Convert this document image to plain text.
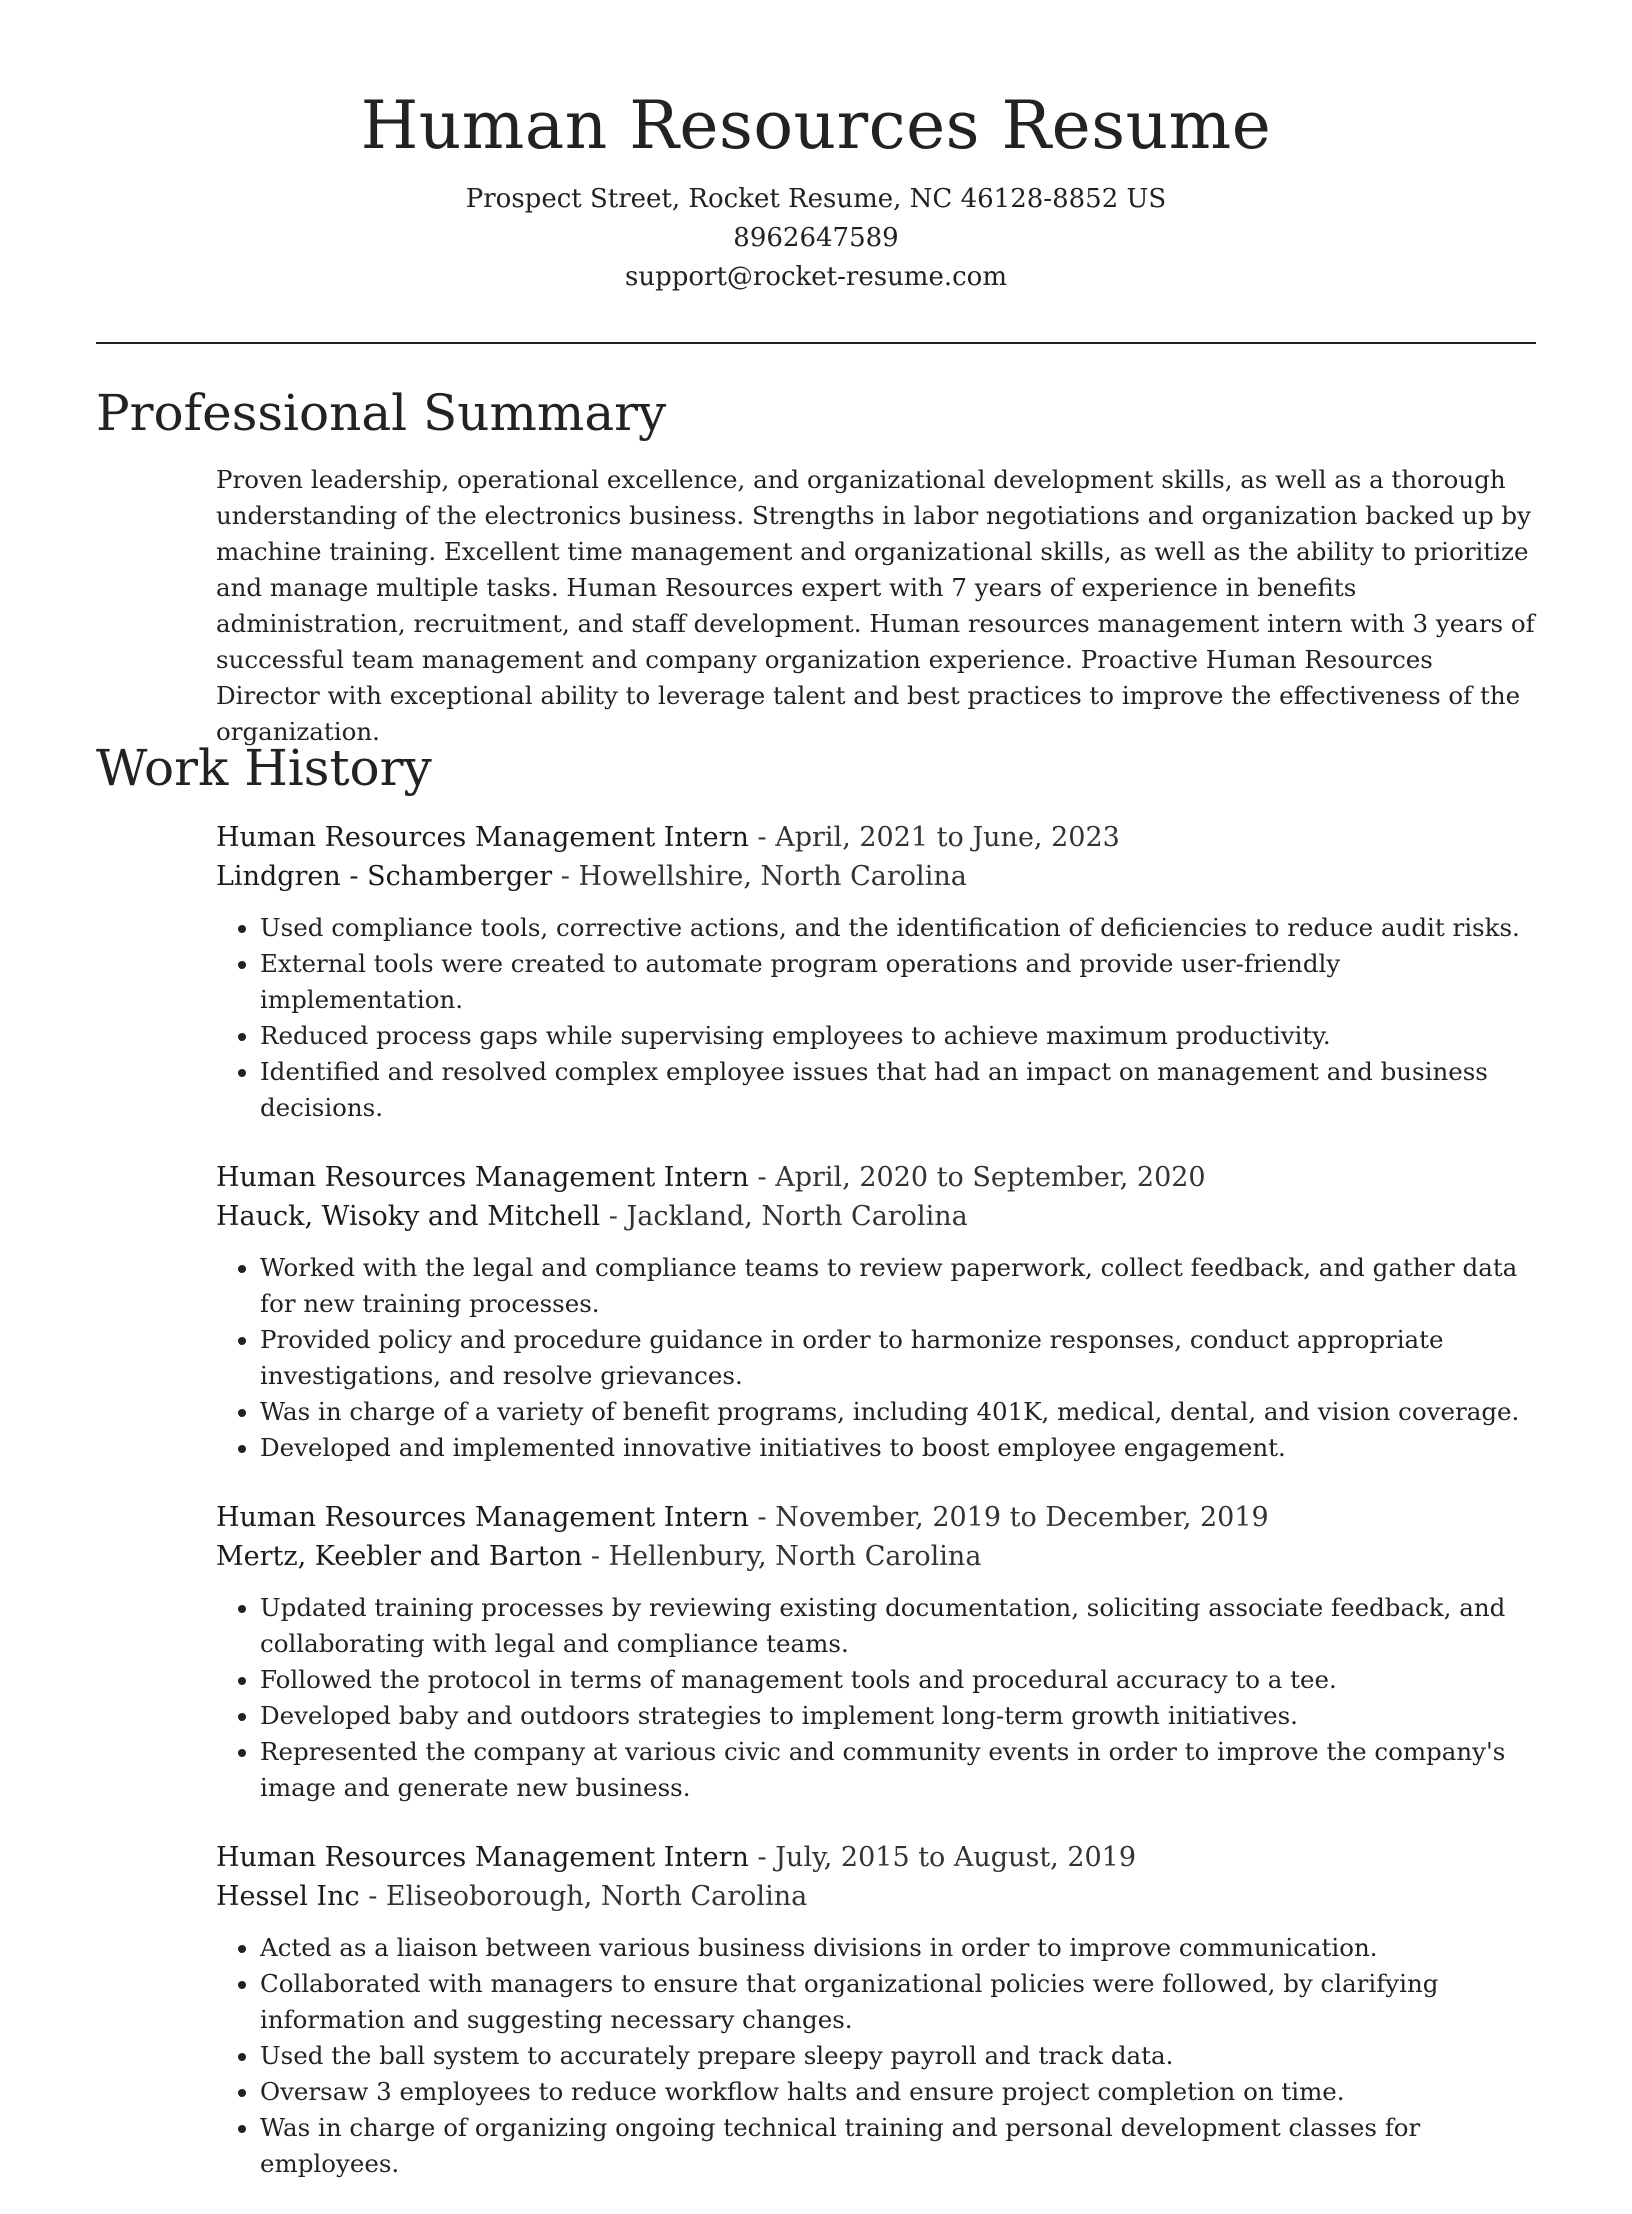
Human Resources Resume
Prospect Street, Rocket Resume, NC 46128-8852 US
8962647589
support@rocket-resume.com
Professional Summary

Proven leadership, operational excellence, and organizational development skills, as well as a thorough understanding of the electronics business. Strengths in labor negotiations and organization backed up by machine training. Excellent time management and organizational skills, as well as the ability to prioritize and manage multiple tasks. Human Resources expert with 7 years of experience in benefits administration, recruitment, and staff development. Human resources management intern with 3 years of successful team management and company organization experience. Proactive Human Resources Director with exceptional ability to leverage talent and best practices to improve the effectiveness of the organization.

Work History
Human Resources Management Intern - April, 2021 to June, 2023
Lindgren - Schamberger - Howellshire, North Carolina
• Used compliance tools, corrective actions, and the identification of deficiencies to reduce audit risks.
• External tools were created to automate program operations and provide user-friendly implementation.
• Reduced process gaps while supervising employees to achieve maximum productivity.
• Identified and resolved complex employee issues that had an impact on management and business decisions.
Human Resources Management Intern - April, 2020 to September, 2020
Hauck, Wisoky and Mitchell - Jackland, North Carolina
• Worked with the legal and compliance teams to review paperwork, collect feedback, and gather data for new training processes.
• Provided policy and procedure guidance in order to harmonize responses, conduct appropriate investigations, and resolve grievances.
• Was in charge of a variety of benefit programs, including 401K, medical, dental, and vision coverage.
• Developed and implemented innovative initiatives to boost employee engagement.
Human Resources Management Intern - November, 2019 to December, 2019
Mertz, Keebler and Barton - Hellenbury, North Carolina
• Updated training processes by reviewing existing documentation, soliciting associate feedback, and collaborating with legal and compliance teams.
• Followed the protocol in terms of management tools and procedural accuracy to a tee.
• Developed baby and outdoors strategies to implement long-term growth initiatives.
• Represented the company at various civic and community events in order to improve the company's image and generate new business.
Human Resources Management Intern - July, 2015 to August, 2019
Hessel Inc - Eliseoborough, North Carolina
• Acted as a liaison between various business divisions in order to improve communication.
• Collaborated with managers to ensure that organizational policies were followed, by clarifying information and suggesting necessary changes.
• Used the ball system to accurately prepare sleepy payroll and track data.
• Oversaw 3 employees to reduce workflow halts and ensure project completion on time.
• Was in charge of organizing ongoing technical training and personal development classes for employees.
